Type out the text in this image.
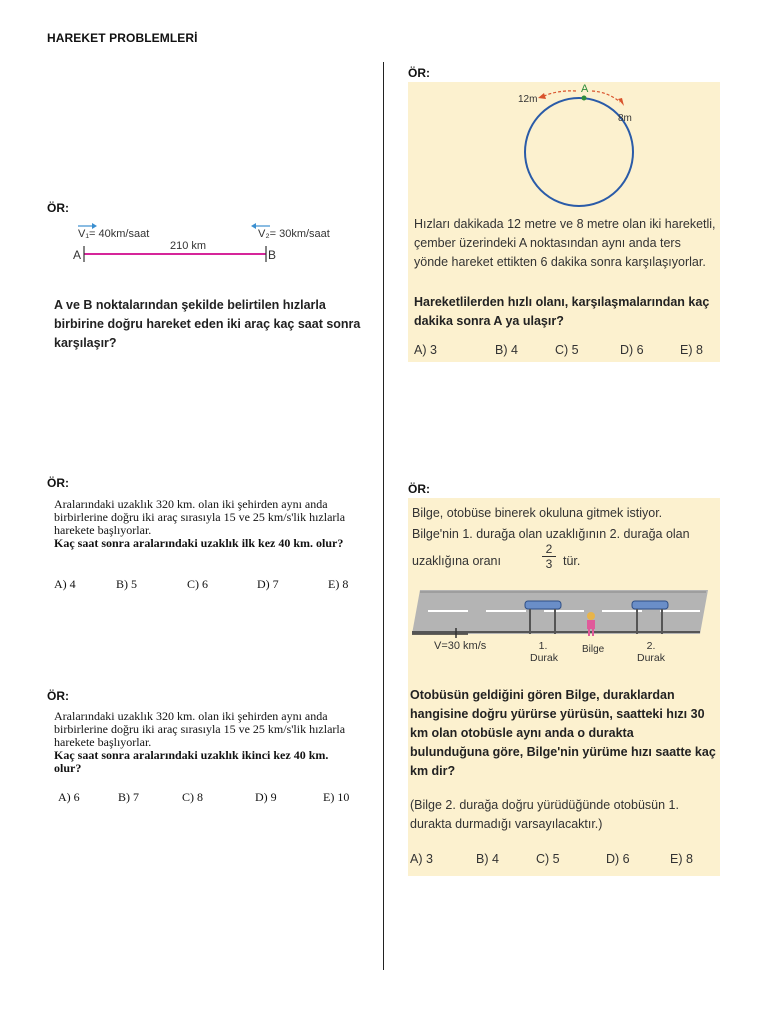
HAREKET PROBLEMLERİ
ÖR:
V₁= 40km/saat	V₂= 30km/saat
210 km
A	B
A ve B noktalarından şekilde belirtilen hızlarla birbirine doğru hareket eden iki araç kaç saat sonra karşılaşır?
ÖR:
Aralarındaki uzaklık 320 km. olan iki şehirden aynı anda birbirlerine doğru iki araç sırasıyla 15 ve 25 km/s'lik hızlarla harekete başlıyorlar.
Kaç saat sonra aralarındaki uzaklık ilk kez 40 km. olur?
A) 4	B) 5	C) 6	D) 7	E) 8
ÖR:
Aralarındaki uzaklık 320 km. olan iki şehirden aynı anda birbirlerine doğru iki araç sırasıyla 15 ve 25 km/s'lik hızlarla harekete başlıyorlar.
Kaç saat sonra aralarındaki uzaklık ikinci kez 40 km. olur?
A) 6	B) 7	C) 8	D) 9	E) 10
ÖR:
12m
8m
A
Hızları dakikada 12 metre ve 8 metre olan iki hareketli, çember üzerindeki A noktasından aynı anda ters yönde hareket ettikten 6 dakika sonra karşılaşıyorlar.
Hareketlilerden hızlı olanı, karşılaşmalarından kaç dakika sonra A ya ulaşır?
A) 3	B) 4	C) 5	D) 6	E) 8
ÖR:
Bilge, otobüse binerek okuluna gitmek istiyor.
Bilge'nin 1. durağa olan uzaklığının 2. durağa olan
uzaklığına oranı	$\frac{2}{3}$ tür.
V=30 km/s	1.
Durak
Bilge	2.
Durak
Otobüsün geldiğini gören Bilge, duraklardan hangisine doğru yürürse yürüsün, saatteki hızı 30 km olan otobüsle aynı anda o durakta bulunduğuna göre, Bilge'nin yürüme hızı saatte kaç km dir?
(Bilge 2. durağa doğru yürüdüğünde otobüsün 1. durakta durmadığı varsayılacaktır.)
A) 3	B) 4	C) 5	D) 6	E) 8
